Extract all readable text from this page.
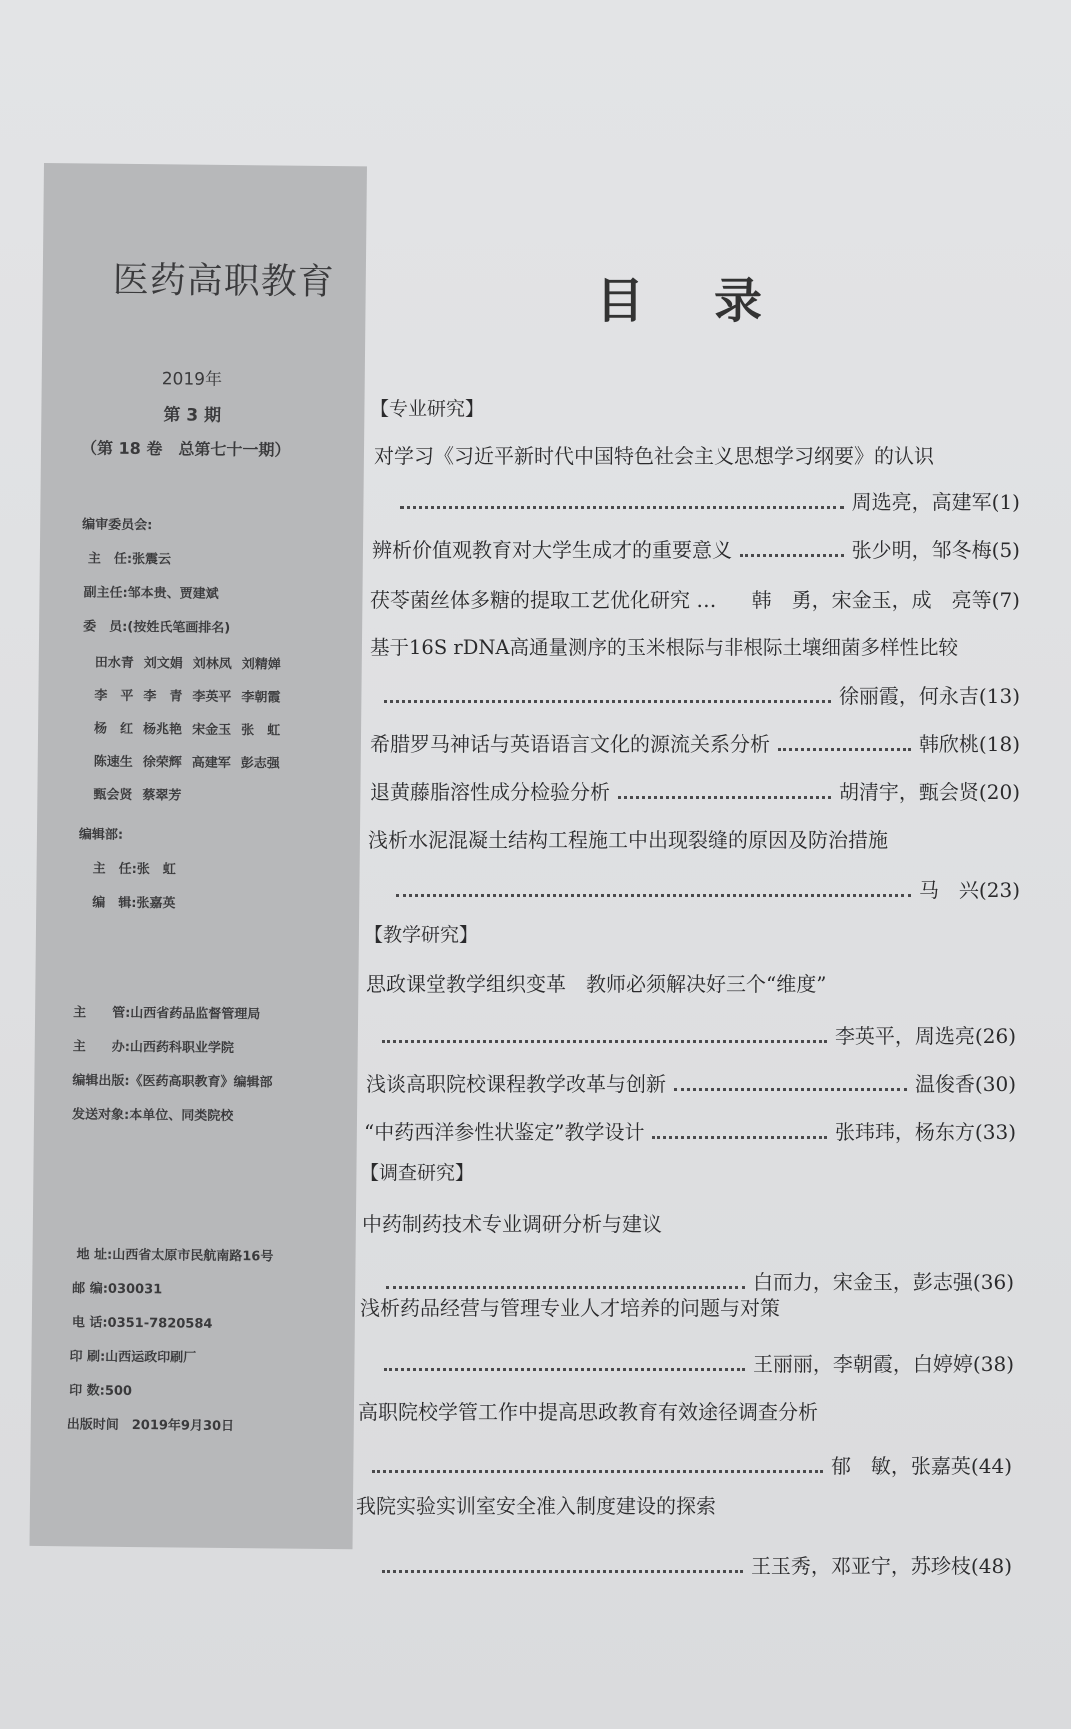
医药高职教育
2019年
第 3 期
（第 18 卷　总第七十一期）
编审委员会:
主　任:张震云
副主任:邹本贵、贾建斌
委　员:(按姓氏笔画排名)
田水青 刘文娟 刘林凤 刘精婵
李　平 李　青 李英平 李朝霞
杨　红 杨兆艳 宋金玉 张　虹
陈速生 徐荣辉 高建军 彭志强
甄会贤 蔡翠芳
编辑部:
主　任:张　虹
编　辑:张嘉英
主　　管:山西省药品监督管理局
主　　办:山西药科职业学院
编辑出版:《医药高职教育》编辑部
发送对象:本单位、同类院校
地 址:山西省太原市民航南路16号
邮 编:030031
电 话:0351-7820584
印 刷:山西运政印刷厂
印 数:500
出版时间　2019年9月30日
目录
【专业研究】
对学习《习近平新时代中国特色社会主义思想学习纲要》的认识
周选亮，高建军(1)
辨析价值观教育对大学生成才的重要意义	张少明，邹冬梅(5)
茯苓菌丝体多糖的提取工艺优化研究 … 韩　勇，宋金玉，成　亮等(7)
基于16S rDNA高通量测序的玉米根际与非根际土壤细菌多样性比较
徐丽霞，何永吉(13)
希腊罗马神话与英语语言文化的源流关系分析	韩欣桃(18)
退黄藤脂溶性成分检验分析	胡清宇，甄会贤(20)
浅析水泥混凝土结构工程施工中出现裂缝的原因及防治措施
马　兴(23)
【教学研究】
思政课堂教学组织变革　教师必须解决好三个“维度”
李英平，周选亮(26)
浅谈高职院校课程教学改革与创新	温俊香(30)
“中药西洋参性状鉴定”教学设计	张玮玮，杨东方(33)
【调查研究】
中药制药技术专业调研分析与建议
白而力，宋金玉，彭志强(36)
浅析药品经营与管理专业人才培养的问题与对策
王丽丽，李朝霞，白婷婷(38)
高职院校学管工作中提高思政教育有效途径调查分析
郁　敏，张嘉英(44)
我院实验实训室安全准入制度建设的探索
王玉秀，邓亚宁，苏珍枝(48)
